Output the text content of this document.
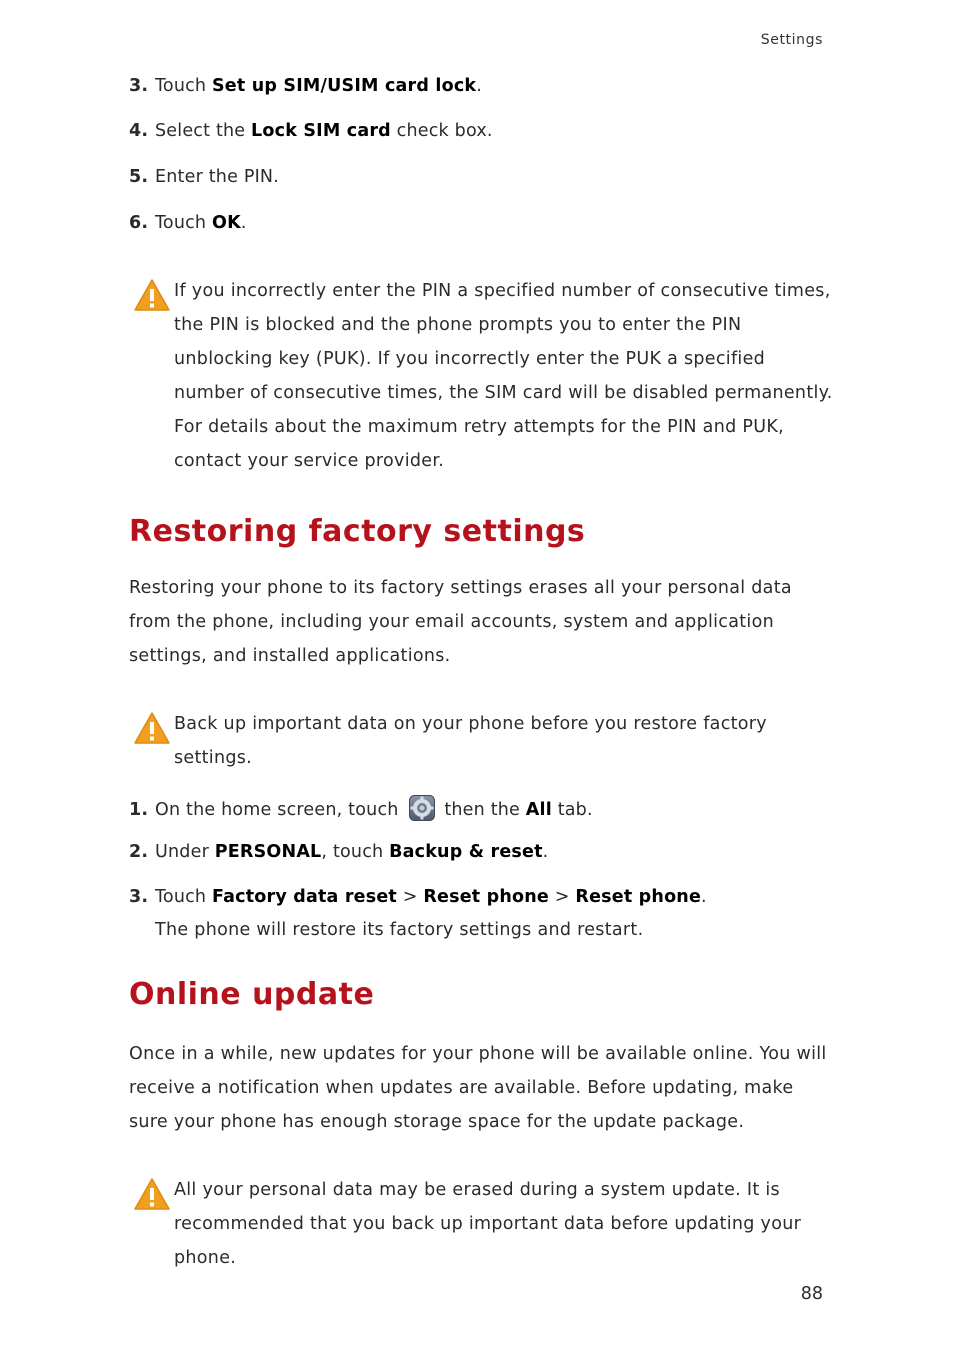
Settings
3. Touch Set up SIM/USIM card lock.
4. Select the Lock SIM card check box.
5. Enter the PIN.
6. Touch OK.
If you incorrectly enter the PIN a specified number of consecutive times, the PIN is blocked and the phone prompts you to enter the PIN unblocking key (PUK). If you incorrectly enter the PUK a specified number of consecutive times, the SIM card will be disabled permanently. For details about the maximum retry attempts for the PIN and PUK, contact your service provider.
Restoring factory settings
Restoring your phone to its factory settings erases all your personal data from the phone, including your email accounts, system and application settings, and installed applications.
Back up important data on your phone before you restore factory settings.
1. On the home screen, touch then the All tab.
2. Under PERSONAL, touch Backup & reset.
3. Touch Factory data reset > Reset phone > Reset phone.
The phone will restore its factory settings and restart.
Online update
Once in a while, new updates for your phone will be available online. You will receive a notification when updates are available. Before updating, make sure your phone has enough storage space for the update package.
All your personal data may be erased during a system update. It is recommended that you back up important data before updating your phone.
88
